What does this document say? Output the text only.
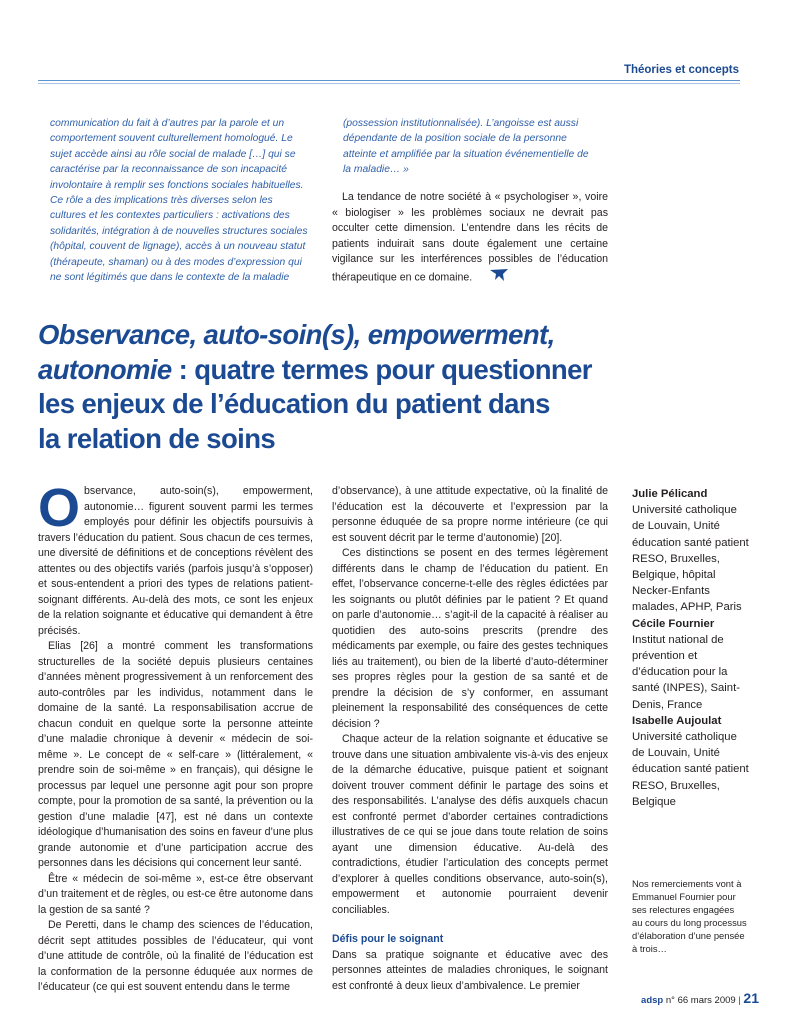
Théories et concepts
communication du fait à d’autres par la parole et un
comportement souvent culturellement homologué. Le
sujet accède ainsi au rôle social de malade […] qui se
caractérise par la reconnaissance de son incapacité
involontaire à remplir ses fonctions sociales habituelles.
Ce rôle a des implications très diverses selon les
cultures et les contextes particuliers : activations des
solidarités, intégration à de nouvelles structures sociales
(hôpital, couvent de lignage), accès à un nouveau statut
(thérapeute, shaman) ou à des modes d’expression qui
ne sont légitimés que dans le contexte de la maladie
(possession institutionnalisée). L’angoisse est aussi
dépendante de la position sociale de la personne
atteinte et amplifiée par la situation événementielle de
la maladie… »
La tendance de notre société à « psychologiser », voire « biologiser » les problèmes sociaux ne devrait pas occulter cette dimension. L’entendre dans les récits de patients induirait sans doute également une certaine vigilance sur les interférences possibles de l’éducation thérapeutique en ce domaine.
Observance, auto-soin(s), empowerment,
autonomie : quatre termes pour questionner
les enjeux de l’éducation du patient dans
la relation de soins

Observance, auto-soin(s), empowerment, autonomie… figurent souvent parmi les termes employés pour définir les objectifs poursuivis à travers l’éducation du patient. Sous chacun de ces termes, une diversité de définitions et de conceptions révèlent des attentes ou des objectifs variés (parfois jusqu’à s’opposer) et sous-entendent a priori des types de relations patient-soignant différents. Au-delà des mots, ce sont les enjeux de la relation soignante et éducative qui demandent à être précisés.

Elias [26] a montré comment les transformations structurelles de la société depuis plusieurs centaines d’années mènent progressivement à un renforcement des auto-contrôles par les individus, notamment dans le domaine de la santé. La responsabilisation accrue de chacun conduit en quelque sorte la personne atteinte d’une maladie chronique à devenir « médecin de soi-même ». Le concept de « self-care » (littéralement, « prendre soin de soi-même » en français), qui désigne le processus par lequel une personne agit pour son propre compte, pour la promotion de sa santé, la prévention ou la gestion d’une maladie [47], est né dans un contexte idéologique d’humanisation des soins en faveur d’une plus grande autonomie et d’une participation accrue des personnes dans les décisions qui concernent leur santé.

Être « médecin de soi-même », est-ce être observant d’un traitement et de règles, ou est-ce être autonome dans la gestion de sa santé ?

De Peretti, dans le champ des sciences de l’éducation, décrit sept attitudes possibles de l’éducateur, qui vont d’une attitude de contrôle, où la finalité de l’éducation est la conformation de la personne éduquée aux normes de l’éducateur (ce qui est souvent entendu dans le terme

d’observance), à une attitude expectative, où la finalité de l’éducation est la découverte et l’expression par la personne éduquée de sa propre norme intérieure (ce qui est souvent décrit par le terme d’autonomie) [20].

Ces distinctions se posent en des termes légèrement différents dans le champ de l’éducation du patient. En effet, l’observance concerne-t-elle des règles édictées par les soignants ou plutôt définies par le patient ? Et quand on parle d’autonomie… s’agit-il de la capacité à réaliser au quotidien des auto-soins prescrits (prendre des médicaments par exemple, ou faire des gestes techniques liés au traitement), ou bien de la liberté d’auto-déterminer ses propres règles pour la gestion de sa santé et de prendre la décision de s’y conformer, en assumant pleinement la responsabilité des conséquences de cette décision ?

Chaque acteur de la relation soignante et éducative se trouve dans une situation ambivalente vis-à-vis des enjeux de la démarche éducative, puisque patient et soignant doivent trouver comment définir le partage des soins et des responsabilités. L’analyse des défis auxquels chacun est confronté permet d’aborder certaines contradictions illustratives de ce qui se joue dans toute relation de soins ayant une dimension éducative. Au-delà des contradictions, étudier l’articulation des concepts permet d’explorer à quelles conditions observance, auto-soin(s), empowerment et autonomie pourraient devenir conciliables.

Défis pour le soignant

Dans sa pratique soignante et éducative avec des personnes atteintes de maladies chroniques, le soignant est confronté à deux lieux d’ambivalence. Le premier

Julie Pélicand
Université catholique de Louvain, Unité éducation santé patient RESO, Bruxelles, Belgique, hôpital Necker-Enfants malades, APHP, Paris
Cécile Fournier
Institut national de prévention et d’éducation pour la santé (INPES), Saint-Denis, France
Isabelle Aujoulat
Université catholique de Louvain, Unité éducation santé patient RESO, Bruxelles, Belgique
Nos remerciements vont à Emmanuel Fournier pour ses relectures engagées au cours du long processus d’élaboration d’une pensée à trois…
adsp n° 66 mars 2009 | 21
